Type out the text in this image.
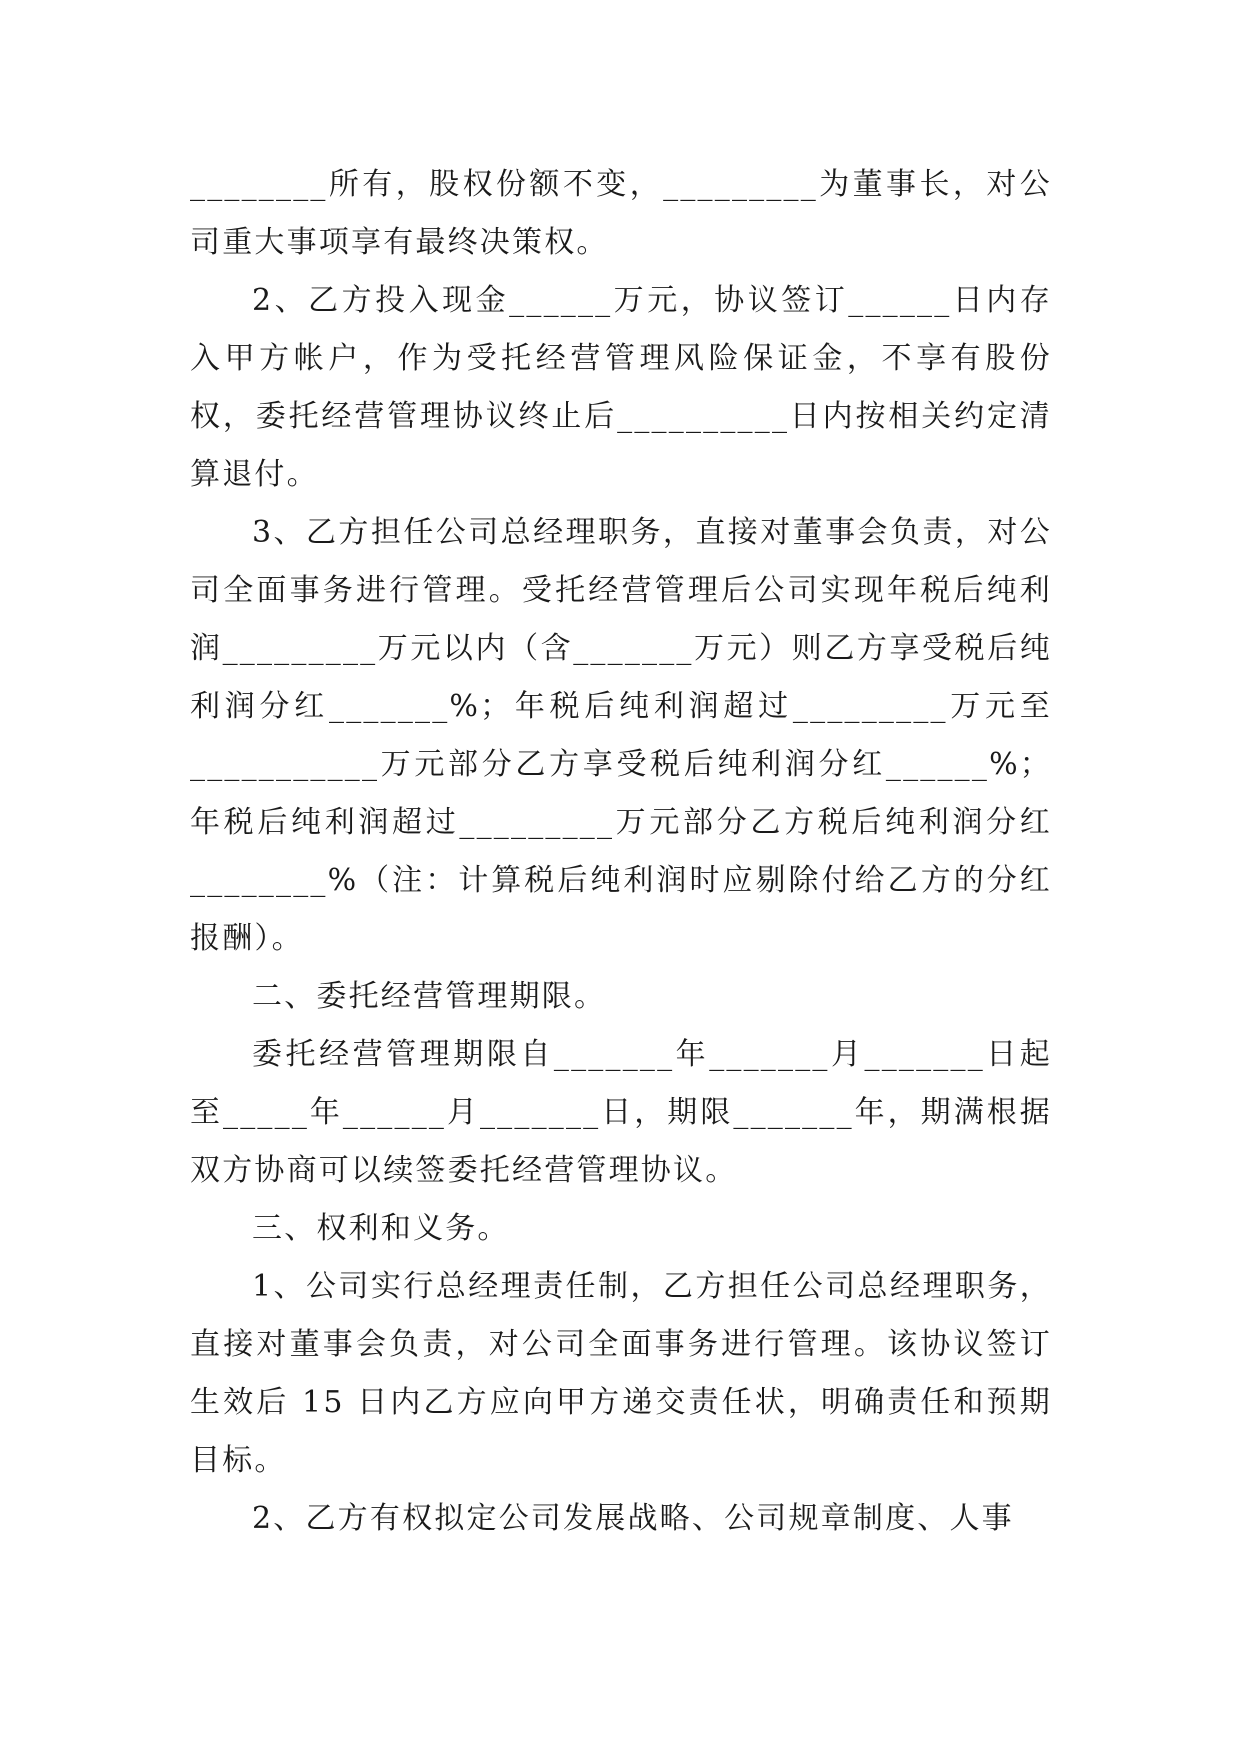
________所有，股权份额不变，_________为董事长，对公司重大事项享有最终决策权。

2、乙方投入现金______万元，协议签订______日内存入甲方帐户，作为受托经营管理风险保证金，不享有股份权，委托经营管理协议终止后__________日内按相关约定清算退付。

3、乙方担任公司总经理职务，直接对董事会负责，对公司全面事务进行管理。受托经营管理后公司实现年税后纯利润_________万元以内（含_______万元）则乙方享受税后纯利润分红_______%；年税后纯利润超过_________万元至___________万元部分乙方享受税后纯利润分红______%；年税后纯利润超过_________万元部分乙方税后纯利润分红________%（注：计算税后纯利润时应剔除付给乙方的分红报酬）。

二、委托经营管理期限。

委托经营管理期限自_______年_______月_______日起至_____年______月_______日，期限_______年，期满根据双方协商可以续签委托经营管理协议。

三、权利和义务。

1、公司实行总经理责任制，乙方担任公司总经理职务，直接对董事会负责，对公司全面事务进行管理。该协议签订生效后 15 日内乙方应向甲方递交责任状，明确责任和预期目标。

2、乙方有权拟定公司发展战略、公司规章制度、人事
